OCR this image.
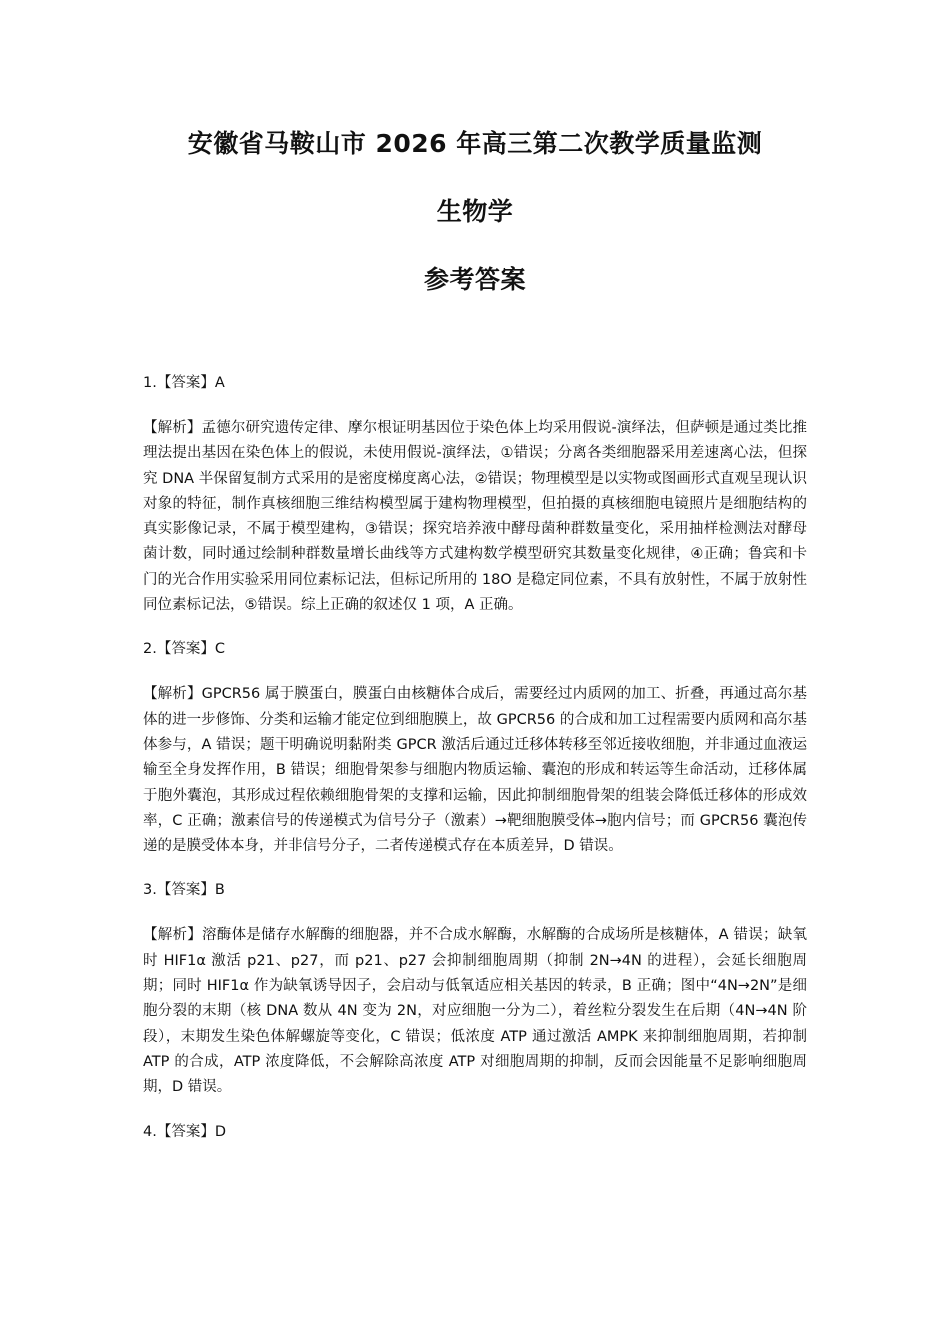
安徽省马鞍山市 2026 年高三第二次教学质量监测
生物学
参考答案

1.【答案】A

【解析】孟德尔研究遗传定律、摩尔根证明基因位于染色体上均采用假说-演绎法，但萨顿是通过类比推理法提出基因在染色体上的假说，未使用假说-演绎法，①错误；分离各类细胞器采用差速离心法，但探究 DNA 半保留复制方式采用的是密度梯度离心法，②错误；物理模型是以实物或图画形式直观呈现认识对象的特征，制作真核细胞三维结构模型属于建构物理模型，但拍摄的真核细胞电镜照片是细胞结构的真实影像记录，不属于模型建构，③错误；探究培养液中酵母菌种群数量变化，采用抽样检测法对酵母菌计数，同时通过绘制种群数量增长曲线等方式建构数学模型研究其数量变化规律，④正确；鲁宾和卡门的光合作用实验采用同位素标记法，但标记所用的 18O 是稳定同位素，不具有放射性，不属于放射性同位素标记法，⑤错误。综上正确的叙述仅 1 项，A 正确。

2.【答案】C

【解析】GPCR56 属于膜蛋白，膜蛋白由核糖体合成后，需要经过内质网的加工、折叠，再通过高尔基体的进一步修饰、分类和运输才能定位到细胞膜上，故 GPCR56 的合成和加工过程需要内质网和高尔基体参与，A 错误；题干明确说明黏附类 GPCR 激活后通过迁移体转移至邻近接收细胞，并非通过血液运输至全身发挥作用，B 错误；细胞骨架参与细胞内物质运输、囊泡的形成和转运等生命活动，迁移体属于胞外囊泡，其形成过程依赖细胞骨架的支撑和运输，因此抑制细胞骨架的组装会降低迁移体的形成效率，C 正确；激素信号的传递模式为信号分子（激素）→靶细胞膜受体→胞内信号；而 GPCR56 囊泡传递的是膜受体本身，并非信号分子，二者传递模式存在本质差异，D 错误。

3.【答案】B

【解析】溶酶体是储存水解酶的细胞器，并不合成水解酶，水解酶的合成场所是核糖体，A 错误；缺氧时 HIF1α 激活 p21、p27，而 p21、p27 会抑制细胞周期（抑制 2N→4N 的进程），会延长细胞周期；同时 HIF1α 作为缺氧诱导因子，会启动与低氧适应相关基因的转录，B 正确；图中“4N→2N”是细胞分裂的末期（核 DNA 数从 4N 变为 2N，对应细胞一分为二），着丝粒分裂发生在后期（4N→4N 阶段），末期发生染色体解螺旋等变化，C 错误；低浓度 ATP 通过激活 AMPK 来抑制细胞周期，若抑制 ATP 的合成，ATP 浓度降低，不会解除高浓度 ATP 对细胞周期的抑制，反而会因能量不足影响细胞周期，D 错误。

4.【答案】D
